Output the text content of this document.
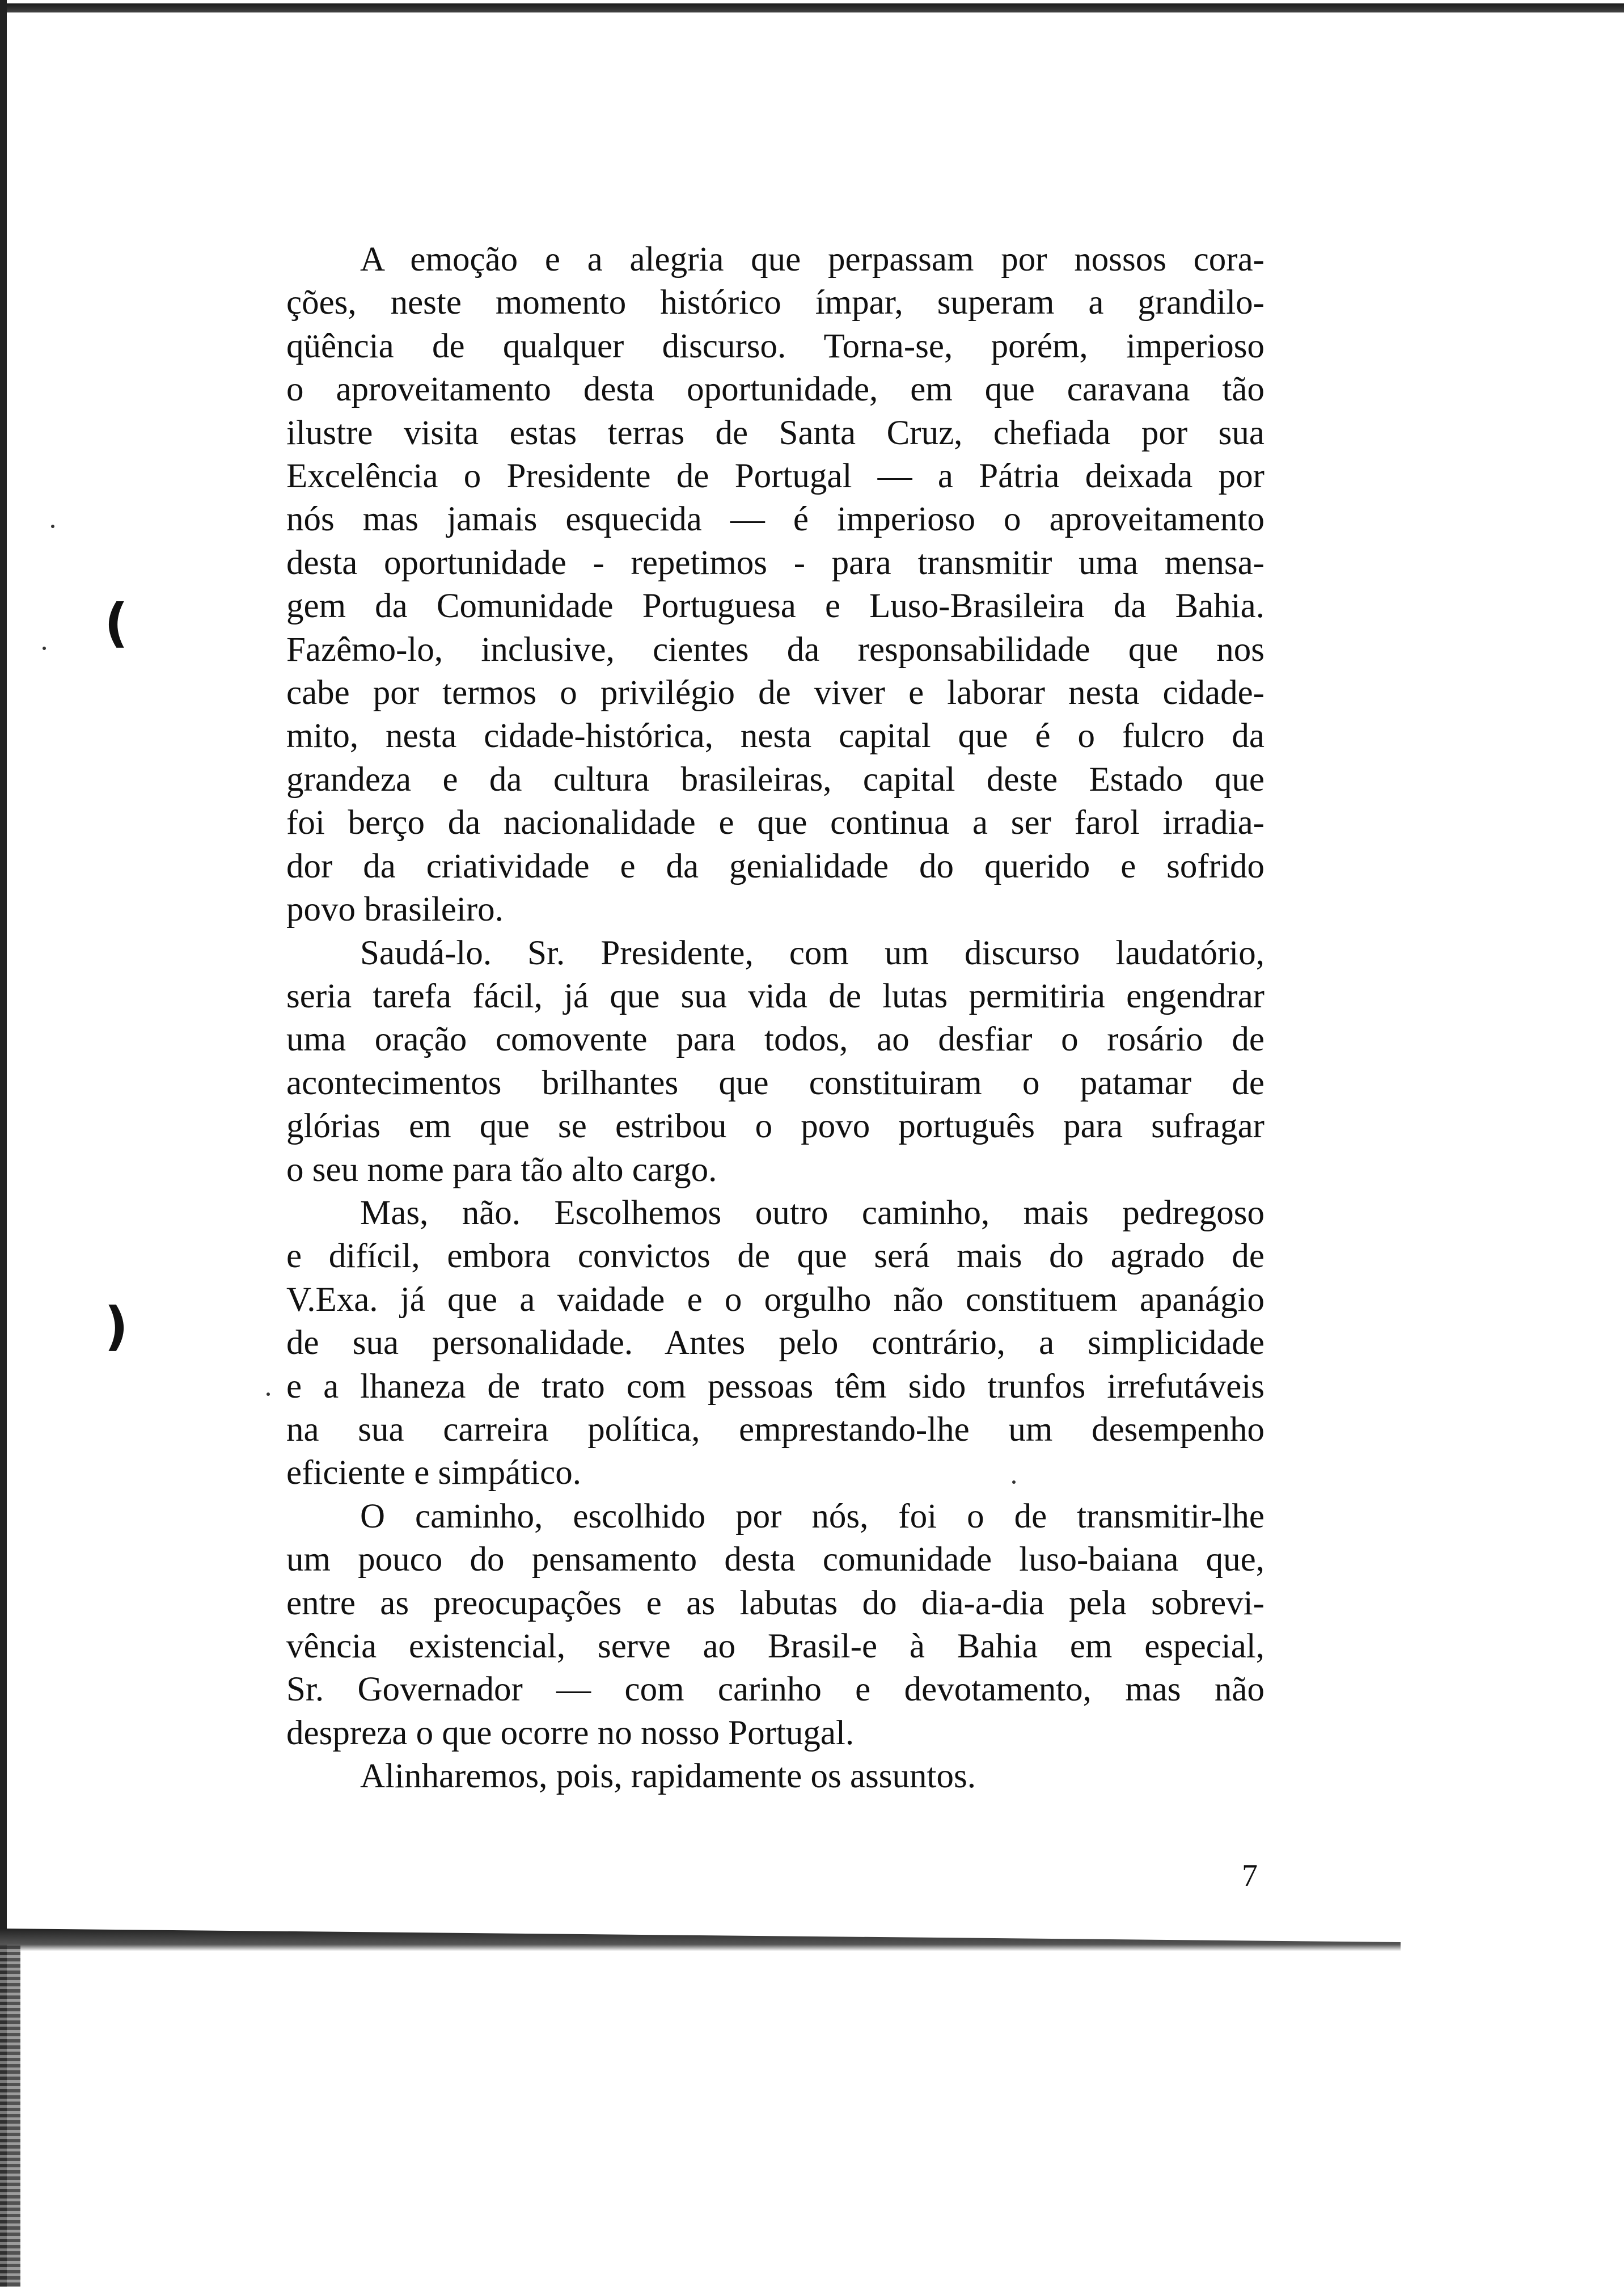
(
)

A emoção e a alegria que perpassam por nossos cora-
ções, neste momento histórico ímpar, superam a grandilo-
qüência de qualquer discurso. Torna-se, porém, imperioso
o aproveitamento desta oportunidade, em que caravana tão
ilustre visita estas terras de Santa Cruz, chefiada por sua
Excelência o Presidente de Portugal — a Pátria deixada por
nós mas jamais esquecida — é imperioso o aproveitamento
desta oportunidade - repetimos - para transmitir uma mensa-
gem da Comunidade Portuguesa e Luso-Brasileira da Bahia.
Fazêmo-lo, inclusive, cientes da responsabilidade que nos
cabe por termos o privilégio de viver e laborar nesta cidade-
mito, nesta cidade-histórica, nesta capital que é o fulcro da
grandeza e da cultura brasileiras, capital deste Estado que
foi berço da nacionalidade e que continua a ser farol irradia-
dor da criatividade e da genialidade do querido e sofrido
povo brasileiro.

Saudá-lo. Sr. Presidente, com um discurso laudatório,
seria tarefa fácil, já que sua vida de lutas permitiria engendrar
uma oração comovente para todos, ao desfiar o rosário de
acontecimentos brilhantes que constituiram o patamar de
glórias em que se estribou o povo português para sufragar
o seu nome para tão alto cargo.

Mas, não. Escolhemos outro caminho, mais pedregoso
e difícil, embora convictos de que será mais do agrado de
V.Exa. já que a vaidade e o orgulho não constituem apanágio
de sua personalidade. Antes pelo contrário, a simplicidade
e a lhaneza de trato com pessoas têm sido trunfos irrefutáveis
na sua carreira política, emprestando-lhe um desempenho
eficiente e simpático.

O caminho, escolhido por nós, foi o de transmitir-lhe
um pouco do pensamento desta comunidade luso-baiana que,
entre as preocupações e as labutas do dia-a-dia pela sobrevi-
vência existencial, serve ao Brasil-e à Bahia em especial,
Sr. Governador — com carinho e devotamento, mas não
despreza o que ocorre no nosso Portugal.

Alinharemos, pois, rapidamente os assuntos.

7
